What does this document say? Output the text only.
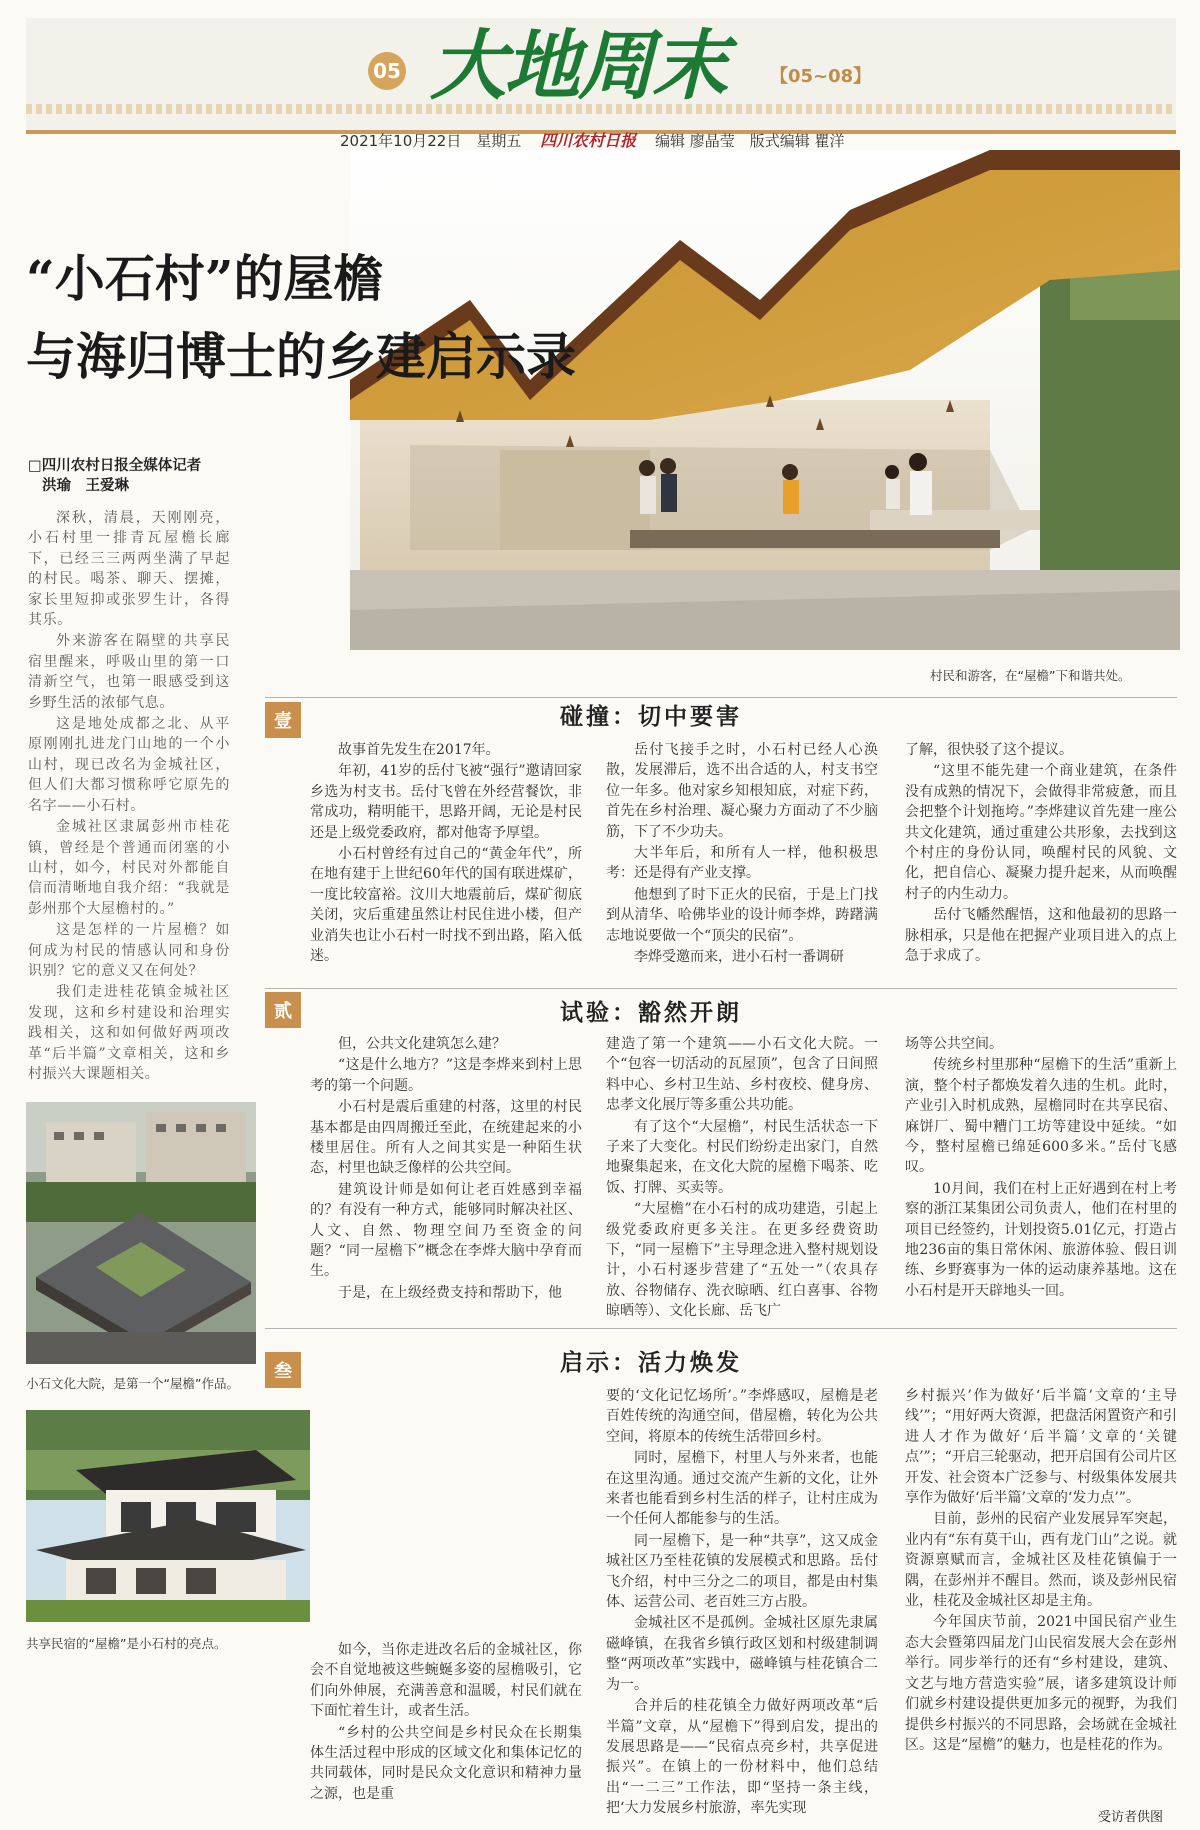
05 大地周末 【05~08】
2021年10月22日　星期五 四川农村日报 编辑 廖晶莹　版式编辑 瞿洋
村民和游客，在“屋檐”下和谐共处。
“小石村”的屋檐
与海归博士的乡建启示录
□四川农村日报全媒体记者
洪瑜　王爱琳

深秋，清晨，天刚刚亮，小石村里一排青瓦屋檐长廊下，已经三三两两坐满了早起的村民。喝茶、聊天、摆摊，家长里短抑或张罗生计，各得其乐。

外来游客在隔壁的共享民宿里醒来，呼吸山里的第一口清新空气，也第一眼感受到这乡野生活的浓郁气息。

这是地处成都之北、从平原刚刚扎进龙门山地的一个小山村，现已改名为金城社区，但人们大都习惯称呼它原先的名字——小石村。

金城社区隶属彭州市桂花镇，曾经是个普通而闭塞的小山村，如今，村民对外都能自信而清晰地自我介绍：“我就是彭州那个大屋檐村的。”

这是怎样的一片屋檐？如何成为村民的情感认同和身份识别？它的意义又在何处？

我们走进桂花镇金城社区发现，这和乡村建设和治理实践相关，这和如何做好两项改革“后半篇”文章相关，这和乡村振兴大课题相关。

小石文化大院，是第一个“屋檐”作品。
共享民宿的“屋檐”是小石村的亮点。
壹	碰撞：切中要害

故事首先发生在2017年。

年初，41岁的岳付飞被“强行”邀请回家乡选为村支书。岳付飞曾在外经营餐饮，非常成功，精明能干，思路开阔，无论是村民还是上级党委政府，都对他寄予厚望。

小石村曾经有过自己的“黄金年代”，所在地有建于上世纪60年代的国有联进煤矿，一度比较富裕。汶川大地震前后，煤矿彻底关闭，灾后重建虽然让村民住进小楼，但产业消失也让小石村一时找不到出路，陷入低迷。

岳付飞接手之时，小石村已经人心涣散，发展滞后，选不出合适的人，村支书空位一年多。他对家乡知根知底，对症下药，首先在乡村治理、凝心聚力方面动了不少脑筋，下了不少功夫。

大半年后，和所有人一样，他积极思考：还是得有产业支撑。

他想到了时下正火的民宿，于是上门找到从清华、哈佛毕业的设计师李烨，踌躇满志地说要做一个“顶尖的民宿”。

李烨受邀而来，进小石村一番调研

了解，很快驳了这个提议。

“这里不能先建一个商业建筑，在条件没有成熟的情况下，会做得非常疲惫，而且会把整个计划拖垮。”李烨建议首先建一座公共文化建筑，通过重建公共形象，去找到这个村庄的身份认同，唤醒村民的风貌、文化，把自信心、凝聚力提升起来，从而唤醒村子的内生动力。

岳付飞幡然醒悟，这和他最初的思路一脉相承，只是他在把握产业项目进入的点上急于求成了。

贰	试验：豁然开朗

但，公共文化建筑怎么建？

“这是什么地方？”这是李烨来到村上思考的第一个问题。

小石村是震后重建的村落，这里的村民基本都是由四周搬迁至此，在统建起来的小楼里居住。所有人之间其实是一种陌生状态，村里也缺乏像样的公共空间。

建筑设计师是如何让老百姓感到幸福的？有没有一种方式，能够同时解决社区、人文、自然、物理空间乃至资金的问题？“同一屋檐下”概念在李烨大脑中孕育而生。

于是，在上级经费支持和帮助下，他

建造了第一个建筑——小石文化大院。一个“包容一切活动的瓦屋顶”，包含了日间照料中心、乡村卫生站、乡村夜校、健身房、忠孝文化展厅等多重公共功能。

有了这个“大屋檐”，村民生活状态一下子来了大变化。村民们纷纷走出家门，自然地聚集起来，在文化大院的屋檐下喝茶、吃饭、打牌、买卖等。

“大屋檐”在小石村的成功建造，引起上级党委政府更多关注。在更多经费资助下，“同一屋檐下”主导理念进入整村规划设计，小石村逐步营建了“五处一”（农具存放、谷物储存、洗衣晾晒、红白喜事、谷物晾晒等）、文化长廊、岳飞广

场等公共空间。

传统乡村里那种“屋檐下的生活”重新上演，整个村子都焕发着久违的生机。此时，产业引入时机成熟，屋檐同时在共享民宿、麻饼厂、蜀中糟门工坊等建设中延续。“如今，整村屋檐已绵延600多米。”岳付飞感叹。

10月间，我们在村上正好遇到在村上考察的浙江某集团公司负责人，他们在村里的项目已经签约，计划投资5.01亿元，打造占地236亩的集日常休闲、旅游体验、假日训练、乡野赛事为一体的运动康养基地。这在小石村是开天辟地头一回。

叁	启示：活力焕发

如今，当你走进改名后的金城社区，你会不自觉地被这些蜿蜒多姿的屋檐吸引，它们向外伸展，充满善意和温暖，村民们就在下面忙着生计，或者生活。

“乡村的公共空间是乡村民众在长期集体生活过程中形成的区域文化和集体记忆的共同载体，同时是民众文化意识和精神力量之源，也是重

要的‘文化记忆场所’。”李烨感叹，屋檐是老百姓传统的沟通空间，借屋檐，转化为公共空间，将原本的传统生活带回乡村。

同时，屋檐下，村里人与外来者，也能在这里沟通。通过交流产生新的文化，让外来者也能看到乡村生活的样子，让村庄成为一个任何人都能参与的生活。

同一屋檐下，是一种“共享”，这又成金城社区乃至桂花镇的发展模式和思路。岳付飞介绍，村中三分之二的项目，都是由村集体、运营公司、老百姓三方占股。

金城社区不是孤例。金城社区原先隶属磁峰镇，在我省乡镇行政区划和村级建制调整“两项改革”实践中，磁峰镇与桂花镇合二为一。

合并后的桂花镇全力做好两项改革“后半篇”文章，从“屋檐下”得到启发，提出的发展思路是——“民宿点亮乡村，共享促进振兴”。在镇上的一份材料中，他们总结出“一二三”工作法，即“坚持一条主线，把‘大力发展乡村旅游，率先实现

乡村振兴’作为做好‘后半篇’文章的‘主导线’”；“用好两大资源，把盘活闲置资产和引进人才作为做好‘后半篇’文章的‘关键点’”；“开启三轮驱动，把开启国有公司片区开发、社会资本广泛参与、村级集体发展共享作为做好‘后半篇’文章的‘发力点’”。

目前，彭州的民宿产业发展异军突起，业内有“东有莫干山，西有龙门山”之说。就资源禀赋而言，金城社区及桂花镇偏于一隅，在彭州并不醒目。然而，谈及彭州民宿业，桂花及金城社区却是主角。

今年国庆节前，2021中国民宿产业生态大会暨第四届龙门山民宿发展大会在彭州举行。同步举行的还有“乡村建设，建筑、文艺与地方营造实验”展，诸多建筑设计师们就乡村建设提供更加多元的视野，为我们提供乡村振兴的不同思路，会场就在金城社区。这是“屋檐”的魅力，也是桂花的作为。

受访者供图
